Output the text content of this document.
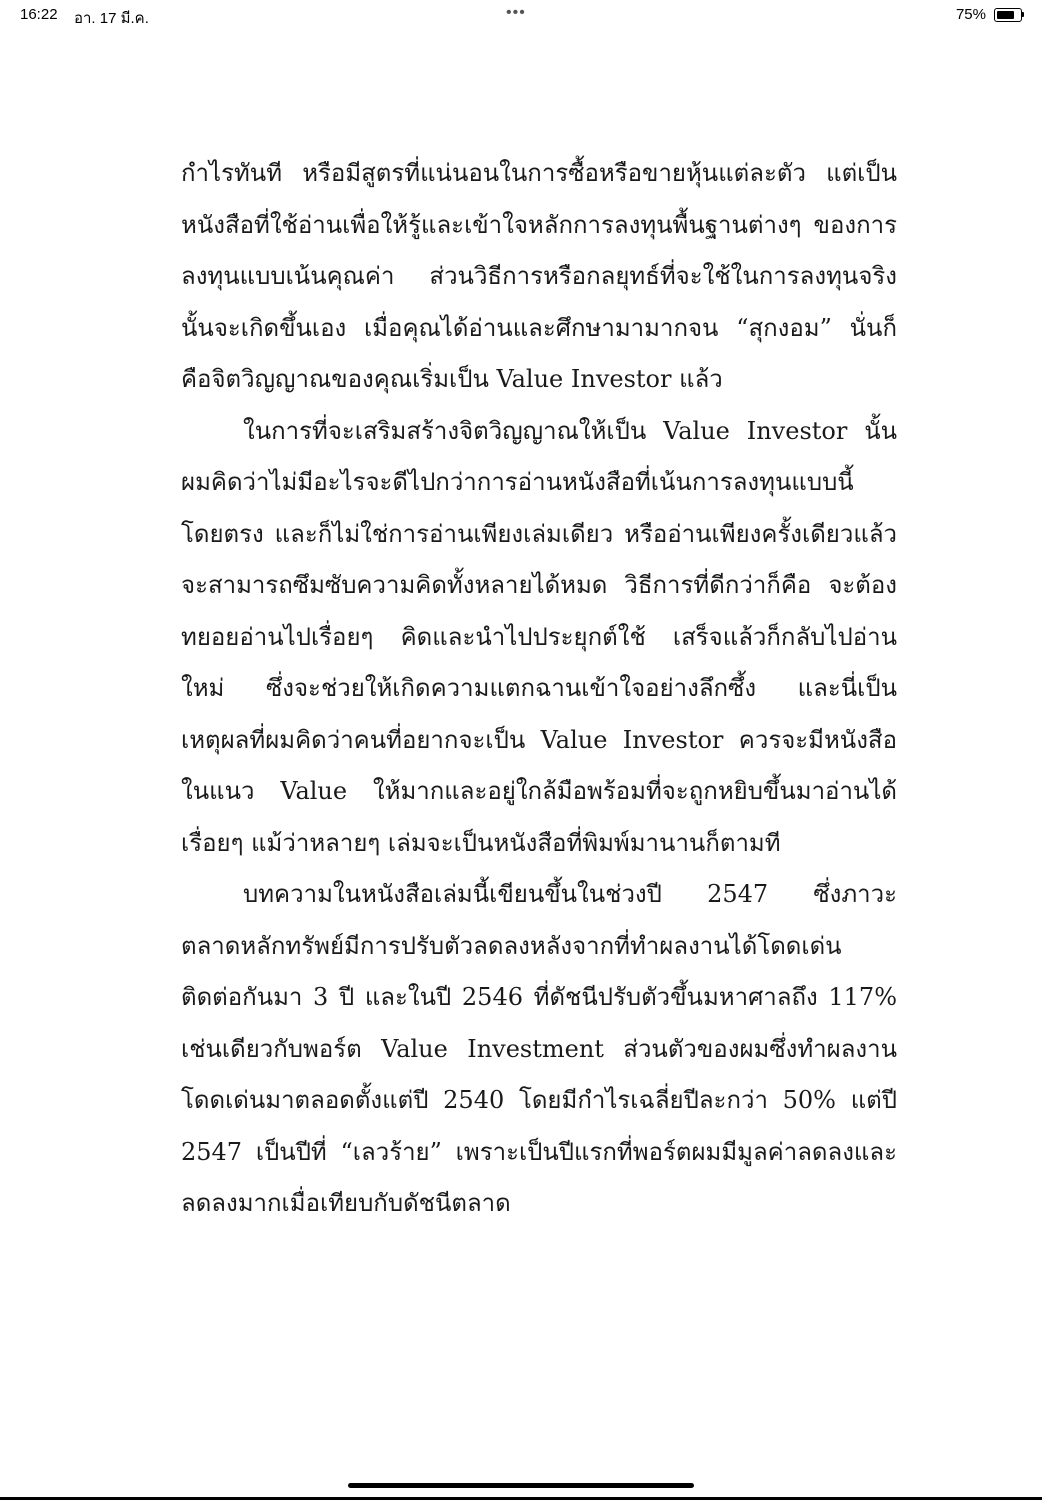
16:22 อา. 17 มี.ค.	•••	75%

กำไรทันที หรือมีสูตรที่แน่นอนในการซื้อหรือขายหุ้นแต่ละตัว แต่เป็นหนังสือที่ใช้อ่านเพื่อให้รู้และเข้าใจหลักการลงทุนพื้นฐานต่างๆ ของการลงทุนแบบเน้นคุณค่า ส่วนวิธีการหรือกลยุทธ์ที่จะใช้ในการลงทุนจริงนั้นจะเกิดขึ้นเอง เมื่อคุณได้อ่านและศึกษามามากจน “สุกงอม” นั่นก็คือจิตวิญญาณของคุณเริ่มเป็น Value Investor แล้ว

ในการที่จะเสริมสร้างจิตวิญญาณให้เป็น Value Investor นั้น ผมคิดว่าไม่มีอะไรจะดีไปกว่าการอ่านหนังสือที่เน้นการลงทุนแบบนี้โดยตรง และก็ไม่ใช่การอ่านเพียงเล่มเดียว หรืออ่านเพียงครั้งเดียวแล้วจะสามารถซึมซับความคิดทั้งหลายได้หมด วิธีการที่ดีกว่าก็คือ จะต้องทยอยอ่านไปเรื่อยๆ คิดและนำไปประยุกต์ใช้ เสร็จแล้วก็กลับไปอ่านใหม่ ซึ่งจะช่วยให้เกิดความแตกฉานเข้าใจอย่างลึกซึ้ง และนี่เป็นเหตุผลที่ผมคิดว่าคนที่อยากจะเป็น Value Investor ควรจะมีหนังสือในแนว Value ให้มากและอยู่ใกล้มือพร้อมที่จะถูกหยิบขึ้นมาอ่านได้เรื่อยๆ แม้ว่าหลายๆ เล่มจะเป็นหนังสือที่พิมพ์มานานก็ตามที

บทความในหนังสือเล่มนี้เขียนขึ้นในช่วงปี 2547 ซึ่งภาวะตลาดหลักทรัพย์มีการปรับตัวลดลงหลังจากที่ทำผลงานได้โดดเด่นติดต่อกันมา 3 ปี และในปี 2546 ที่ดัชนีปรับตัวขึ้นมหาศาลถึง 117% เช่นเดียวกับพอร์ต Value Investment ส่วนตัวของผมซึ่งทำผลงานโดดเด่นมาตลอดตั้งแต่ปี 2540 โดยมีกำไรเฉลี่ยปีละกว่า 50% แต่ปี 2547 เป็นปีที่ “เลวร้าย” เพราะเป็นปีแรกที่พอร์ตผมมีมูลค่าลดลงและลดลงมากเมื่อเทียบกับดัชนีตลาด
